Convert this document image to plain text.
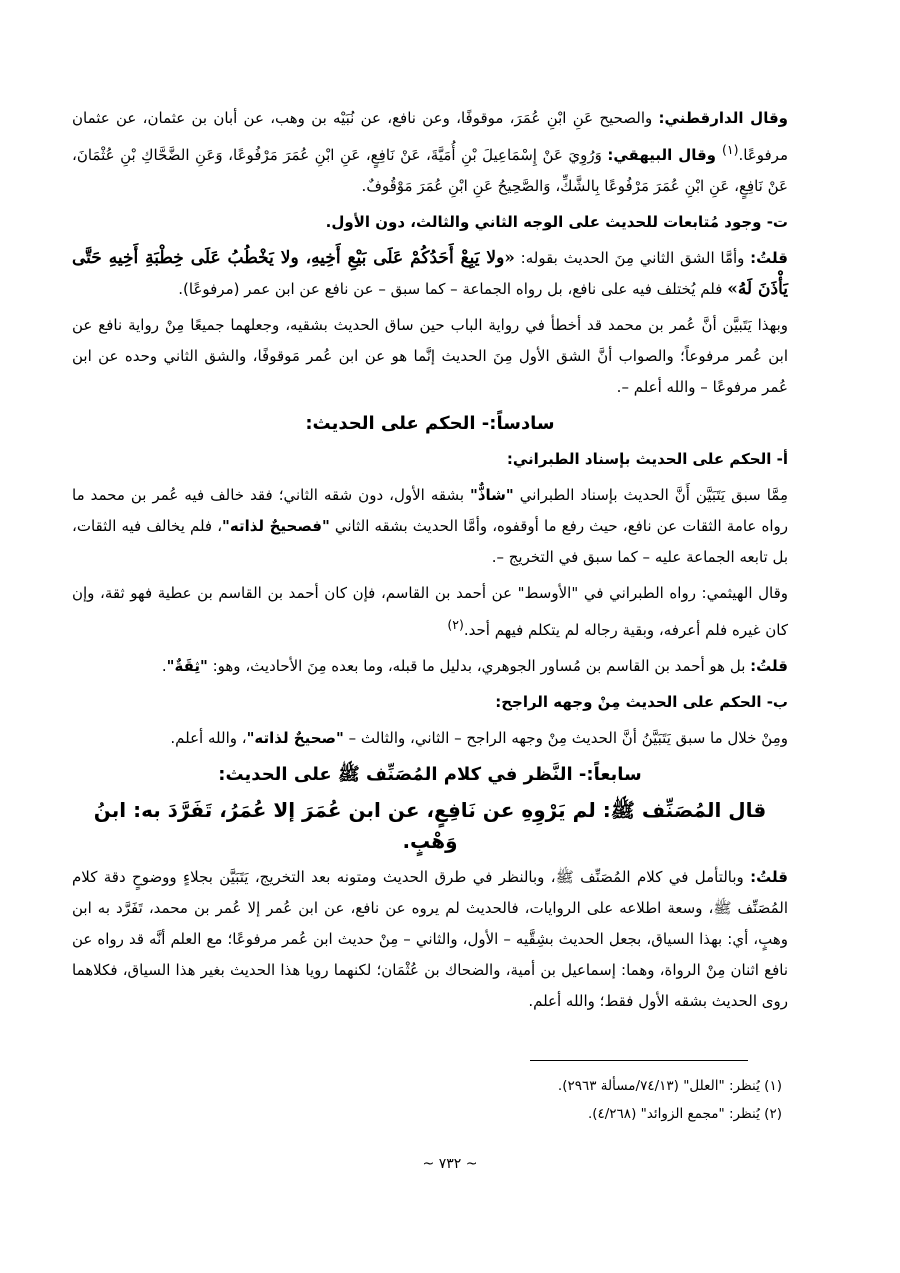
وقال الدارقطني: والصحيح عَنِ ابْنِ عُمَرَ، موقوفًا، وعن نافع، عن نُبَيْه بن وهب، عن أبان بن عثمان، عن عثمان مرفوعًا.$^{(١)}$ وقال البيهقي: وَرُوِيَ عَنْ إِسْمَاعِيلَ بْنِ أُمَيَّةَ، عَنْ نَافِعٍ، عَنِ ابْنِ عُمَرَ مَرْفُوعًا، وَعَنِ الضَّحَّاكِ بْنِ عُثْمَانَ، عَنْ نَافِعٍ، عَنِ ابْنِ عُمَرَ مَرْفُوعًا بِالشَّكِّ، وَالصَّحِيحُ عَنِ ابْنِ عُمَرَ مَوْقُوفٌ.

ت- وجود مُتابعات للحديث على الوجه الثاني والثالث، دون الأول.

قلتُ: وأمَّا الشق الثاني مِنَ الحديث بقوله: «ولا يَبِعْ أَحَدُكُمْ عَلَى بَيْعِ أَخِيهِ، ولا يَخْطُبُ عَلَى خِطْبَةِ أَخِيهِ حَتَّى يَأْذَنَ لَهُ» فلم يُختلف فيه على نافع، بل رواه الجماعة – كما سبق – عن نافع عن ابن عمر (مرفوعًا).

وبهذا يَتَبيَّن أنَّ عُمر بن محمد قد أخطأ في رواية الباب حين ساق الحديث بشقيه، وجعلهما جميعًا مِنْ رواية نافع عن ابن عُمر مرفوعاً؛ والصواب أنَّ الشق الأول مِنَ الحديث إنَّما هو عن ابن عُمر مَوقوفًا، والشق الثاني وحده عن ابن عُمر مرفوعًا – والله أعلم –.

سادساً:- الحكم على الحديث:

أ- الحكم على الحديث بإسناد الطبراني:

مِمَّا سبق يَتَبَيَّن أَنَّ الحديث بإسناد الطبراني "شاذٌّ" بشقه الأول، دون شقه الثاني؛ فقد خالف فيه عُمر بن محمد ما رواه عامة الثقات عن نافع، حيث رفع ما أوقفوه، وأمَّا الحديث بشقه الثاني "فصحيحٌ لذاته"، فلم يخالف فيه الثقات، بل تابعه الجماعة عليه – كما سبق في التخريج –.

وقال الهيثمي: رواه الطبراني في "الأوسط" عن أحمد بن القاسم، فإن كان أحمد بن القاسم بن عطية فهو ثقة، وإن كان غيره فلم أعرفه، وبقية رجاله لم يتكلم فيهم أحد.$^{(٢)}$

قلتُ: بل هو أحمد بن القاسم بن مُساور الجوهري، بدليل ما قبله، وما بعده مِنَ الأحاديث، وهو: "ثِقَةٌ".

ب- الحكم على الحديث مِنْ وجهه الراجح:

ومِنْ خلال ما سبق يَتَبَيَّنُ أنَّ الحديث مِنْ وجهه الراجح – الثاني، والثالث – "صحيحٌ لذاته"، والله أعلم.

سابعاً:- النَّظر في كلام المُصَنِّف ﷺ على الحديث:

قال المُصَنِّف ﷺ: لم يَرْوِهِ عن نَافِعٍ، عن ابن عُمَرَ إلا عُمَرُ، تَفَرَّدَ به: ابنُ وَهْبٍ.

قلتُ: وبالتأمل في كلام المُصَنِّف ﷺ، وبالنظر في طرق الحديث ومتونه بعد التخريج، يَتَبَيَّن بجلاءٍ ووضوحٍ دقة كلام المُصَنِّف ﷺ، وسعة اطلاعه على الروايات، فالحديث لم يروه عن نافع، عن ابن عُمر إلا عُمر بن محمد، تَفَرَّد به ابن وهبٍ، أي: بهذا السياق، بجعل الحديث بشِقَّيه – الأول، والثاني – مِنْ حديث ابن عُمر مرفوعًا؛ مع العلم أنَّه قد رواه عن نافع اثنان مِنْ الرواة، وهما: إسماعيل بن أمية، والضحاك بن عُثْمَان؛ لكنهما رويا هذا الحديث بغير هذا السياق، فكلاهما روى الحديث بشقه الأول فقط؛ والله أعلم.

(١) يُنظر: "العلل" (٧٤/١٣/مسألة ٢٩٦٣).
(٢) يُنظر: "مجمع الزوائد" (٤/٢٦٨).
~ ٧٣٢ ~
